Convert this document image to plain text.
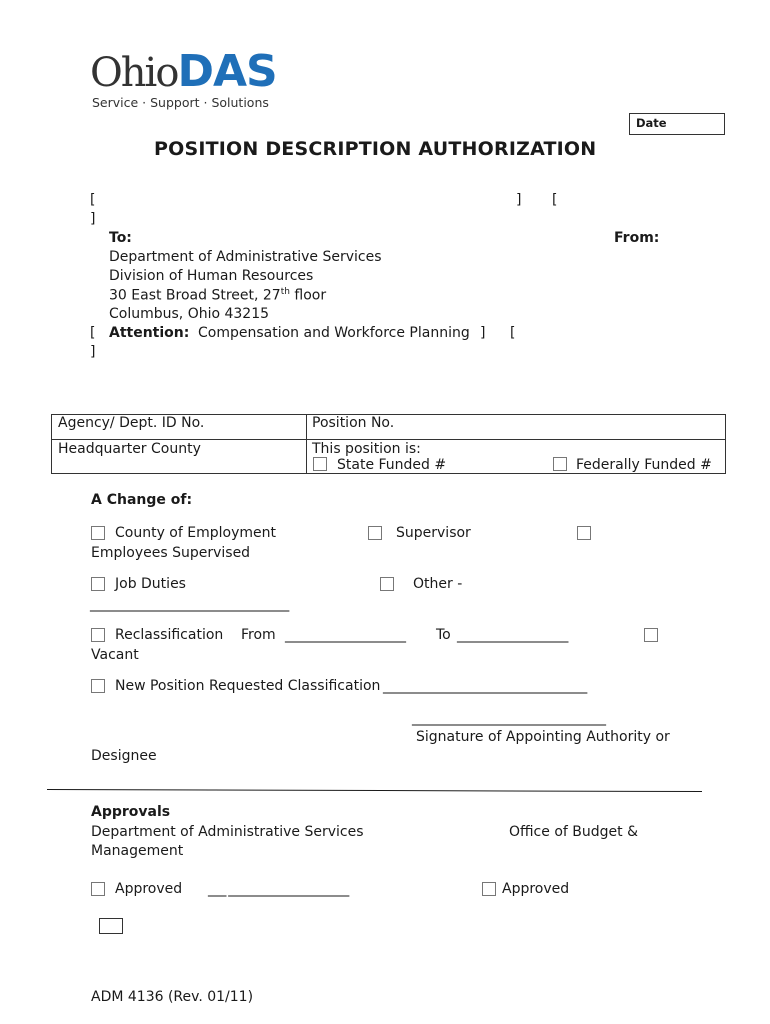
OhioDAS
Service · Support · Solutions
Date
POSITION DESCRIPTION AUTHORIZATION
[	] [
]
To:	From:
Department of Administrative Services
Division of Human Resources
30 East Broad Street, 27th floor
Columbus, Ohio 43215
[ Attention: Compensation and Workforce Planning ] [
]
Agency/ Dept. ID No.	Position No.
Headquarter County	This position is:
State Funded #	Federally Funded #
A Change of:
County of Employment	Supervisor
Employees Supervised
Job Duties	Other -
________________________________
Reclassification From _____________________ To ___________________
Vacant
New Position Requested Classification ___________________________________
___________________________________
Signature of Appointing Authority or
Designee
Approvals
Department of Administrative Services	Office of Budget &
Management
Approved ___ _____________________	Approved
ADM 4136 (Rev. 01/11)
